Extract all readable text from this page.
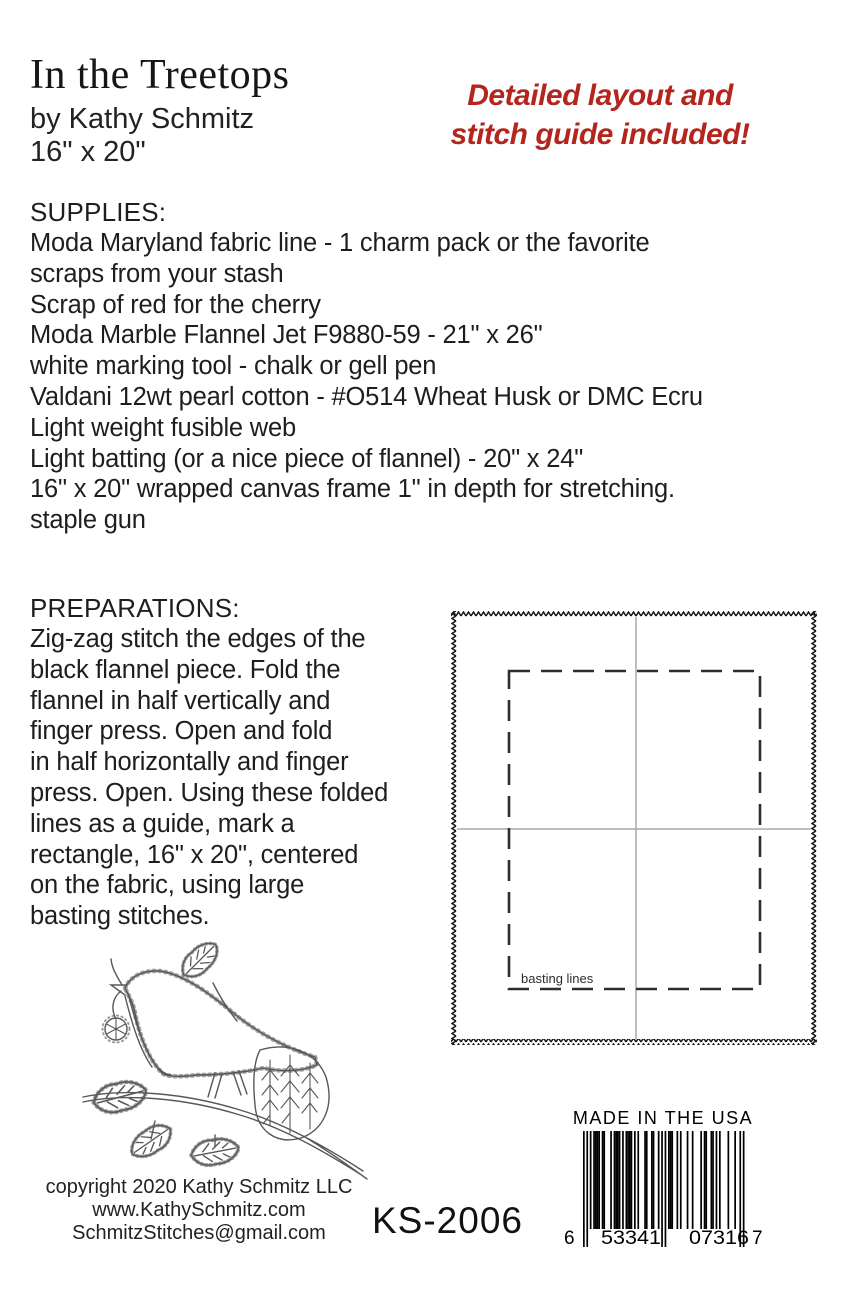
In the Treetops
by Kathy Schmitz
16" x 20"
Detailed layout and
stitch guide included!
SUPPLIES:
Moda Maryland fabric line - 1 charm pack or the favorite
scraps from your stash
Scrap of red for the cherry
Moda Marble Flannel Jet F9880-59 - 21" x 26"
white marking tool - chalk or gell pen
Valdani 12wt pearl cotton - #O514 Wheat Husk or DMC Ecru
Light weight fusible web
Light batting (or a nice piece of flannel) - 20" x 24"
16" x 20" wrapped canvas frame 1" in depth for stretching.
staple gun
PREPARATIONS:
Zig-zag stitch the edges of the
black flannel piece. Fold the
flannel in half vertically and
finger press. Open and fold
in half horizontally and finger
press. Open. Using these folded
lines as a guide, mark a
rectangle, 16" x 20", centered
on the fabric, using large
basting stitches.
basting lines
copyright 2020 Kathy Schmitz LLC
www.KathySchmitz.com
SchmitzStitches@gmail.com	KS-2006
MADE IN THE USA
6 53341 07316 7
